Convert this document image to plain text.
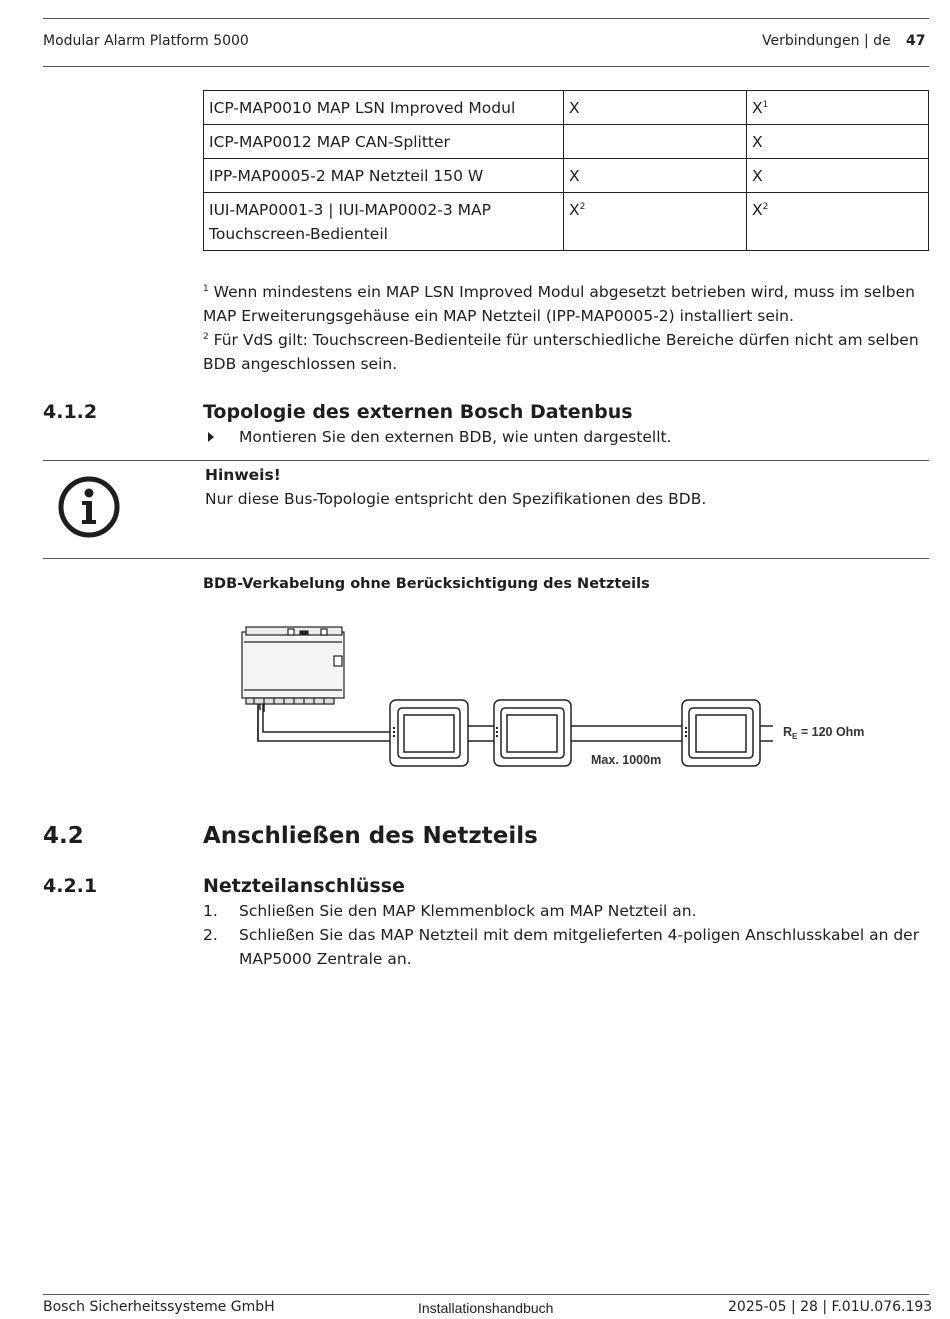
Modular Alarm Platform 5000	Verbindungen | de 47
ICP-MAP0010 MAP LSN Improved Modul	X	$X^1$
ICP-MAP0012 MAP CAN-Splitter		X
IPP-MAP0005-2 MAP Netzteil 150 W	X	X
IUI-MAP0001-3 | IUI-MAP0002-3 MAP
Touchscreen-Bedienteil	$X^2$	$X^2$
$^1$ Wenn mindestens ein MAP LSN Improved Modul abgesetzt betrieben wird, muss im selben
MAP Erweiterungsgehäuse ein MAP Netzteil (IPP-MAP0005-2) installiert sein.
$^2$ Für VdS gilt: Touchscreen-Bedienteile für unterschiedliche Bereiche dürfen nicht am selben
BDB angeschlossen sein.
4.1.2	Topologie des externen Bosch Datenbus
Montieren Sie den externen BDB, wie unten dargestellt.
Hinweis!
Nur diese Bus-Topologie entspricht den Spezifikationen des BDB.
BDB-Verkabelung ohne Berücksichtigung des Netzteils
Max. 1000m
$R_E = 120$ Ohm
4.2	Anschließen des Netzteils
4.2.1	Netzteilanschlüsse
1. Schließen Sie den MAP Klemmenblock am MAP Netzteil an.
2. Schließen Sie das MAP Netzteil mit dem mitgelieferten 4-poligen Anschlusskabel an der
MAP5000 Zentrale an.
Bosch Sicherheitssysteme GmbH	Installationshandbuch	2025-05 | 28 | F.01U.076.193
